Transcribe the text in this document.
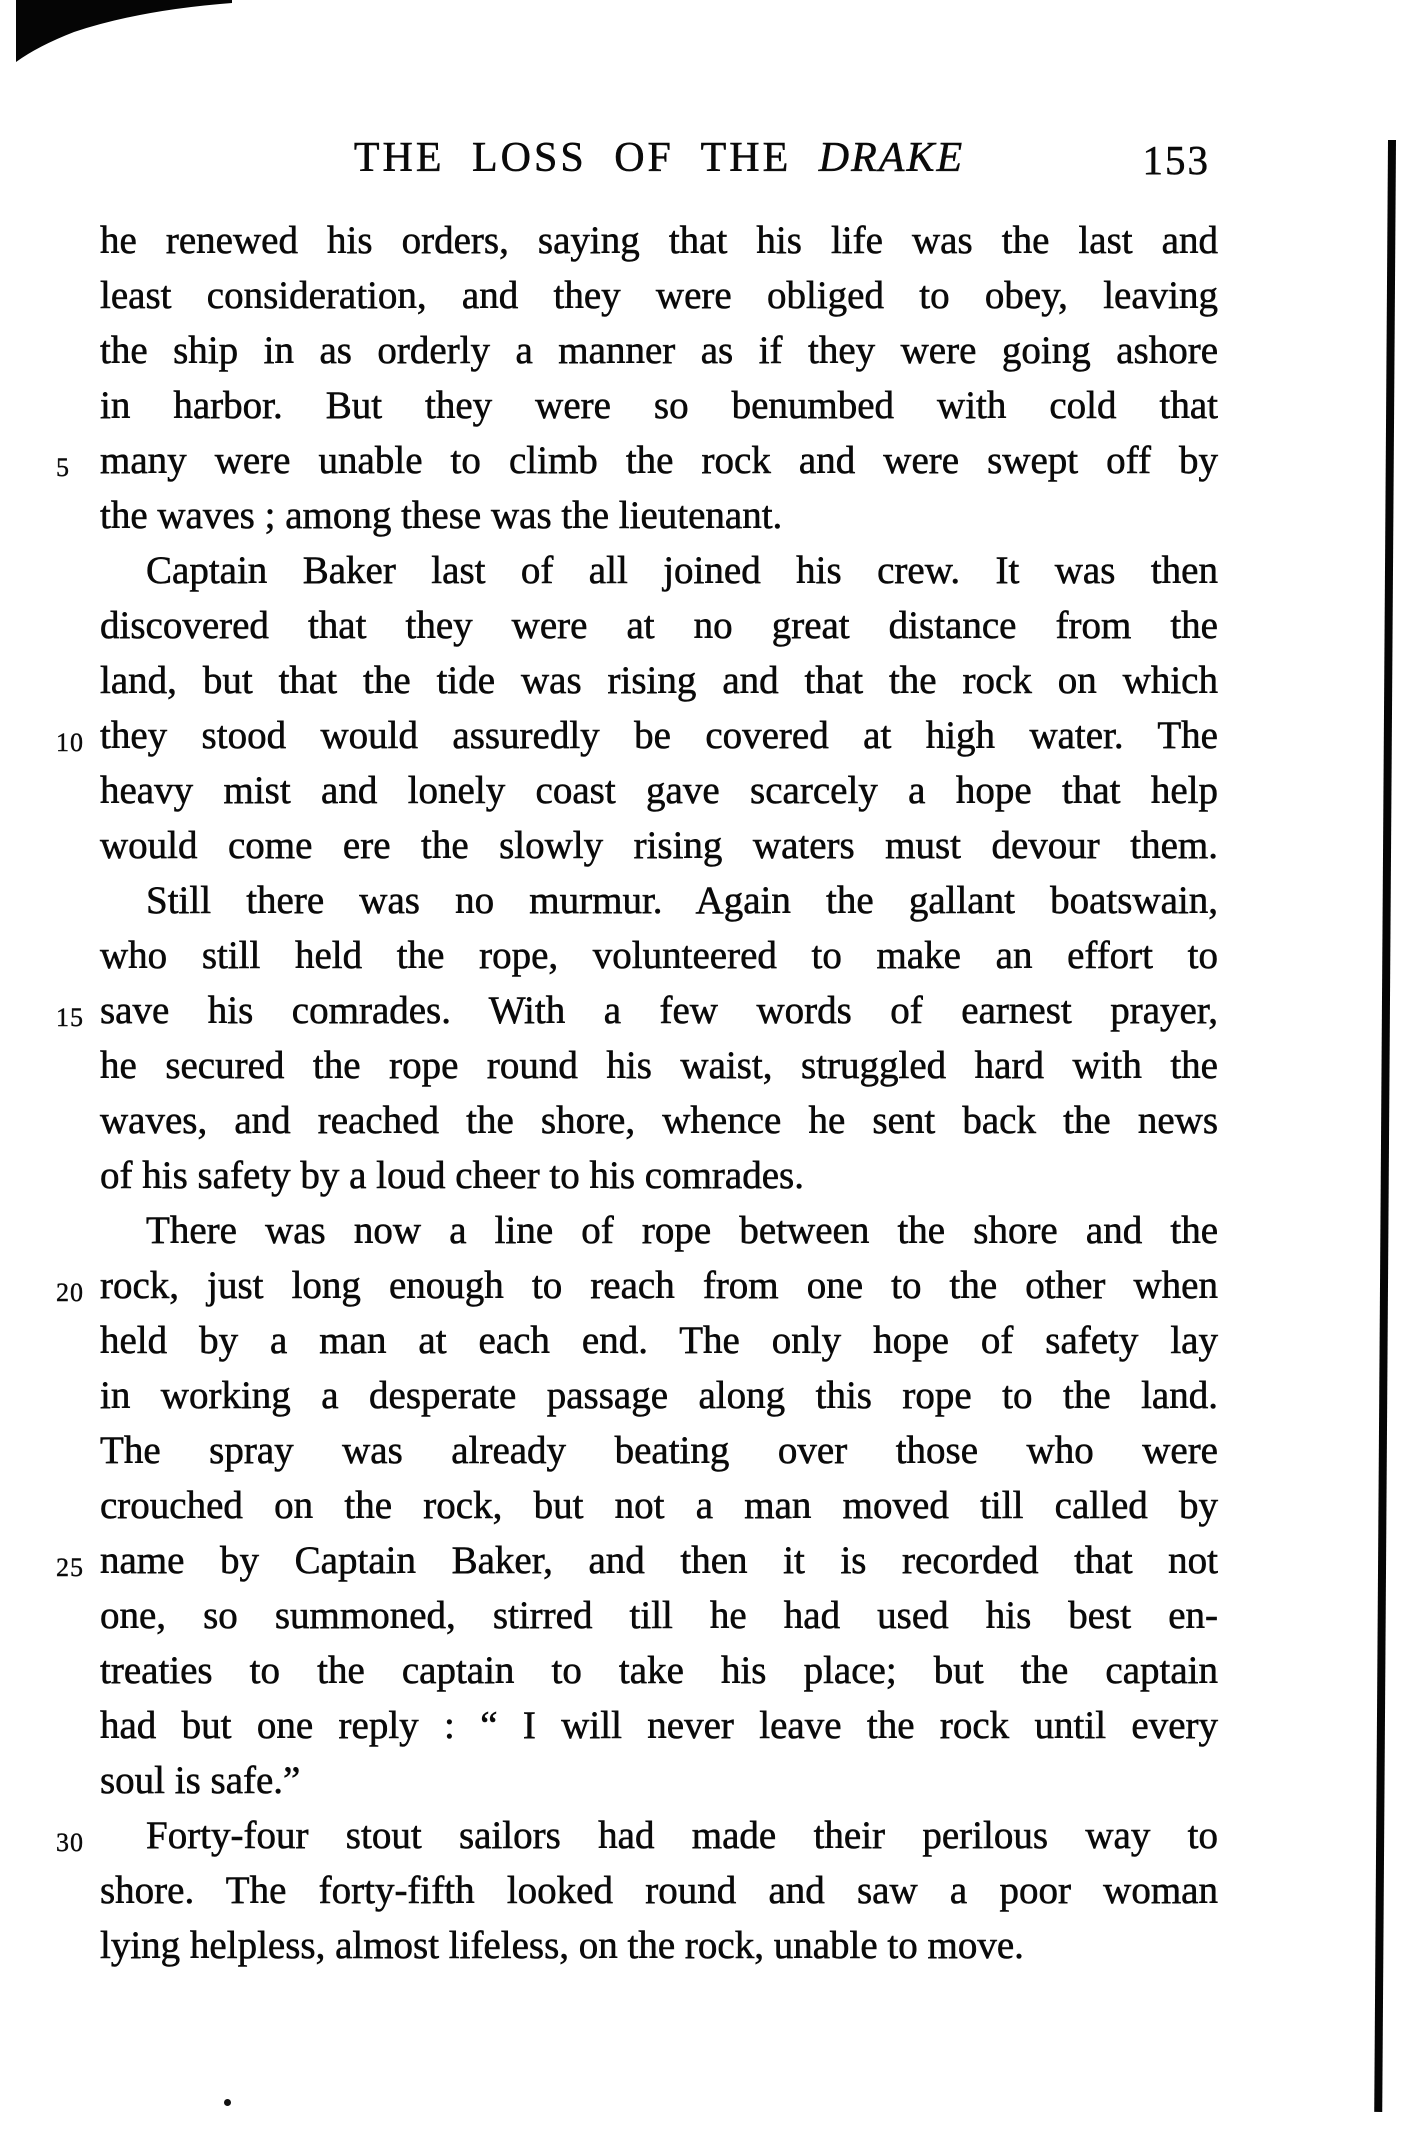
THE LOSS OF THE DRAKE	153
he renewed his orders, saying that his life was the last and
least consideration, and they were obliged to obey, leaving
the ship in as orderly a manner as if they were going ashore
in harbor. But they were so benumbed with cold that
5 many were unable to climb the rock and were swept off by
the waves ; among these was the lieutenant.
Captain Baker last of all joined his crew. It was then
discovered that they were at no great distance from the
land, but that the tide was rising and that the rock on which
10 they stood would assuredly be covered at high water. The
heavy mist and lonely coast gave scarcely a hope that help
would come ere the slowly rising waters must devour them.
Still there was no murmur. Again the gallant boatswain,
who still held the rope, volunteered to make an effort to
15 save his comrades. With a few words of earnest prayer,
he secured the rope round his waist, struggled hard with the
waves, and reached the shore, whence he sent back the news
of his safety by a loud cheer to his comrades.
There was now a line of rope between the shore and the
20 rock, just long enough to reach from one to the other when
held by a man at each end. The only hope of safety lay
in working a desperate passage along this rope to the land.
The spray was already beating over those who were
crouched on the rock, but not a man moved till called by
25 name by Captain Baker, and then it is recorded that not
one, so summoned, stirred till he had used his best en-
treaties to the captain to take his place; but the captain
had but one reply : “ I will never leave the rock until every
soul is safe.”
30 Forty-four stout sailors had made their perilous way to
shore. The forty-fifth looked round and saw a poor woman
lying helpless, almost lifeless, on the rock, unable to move.
